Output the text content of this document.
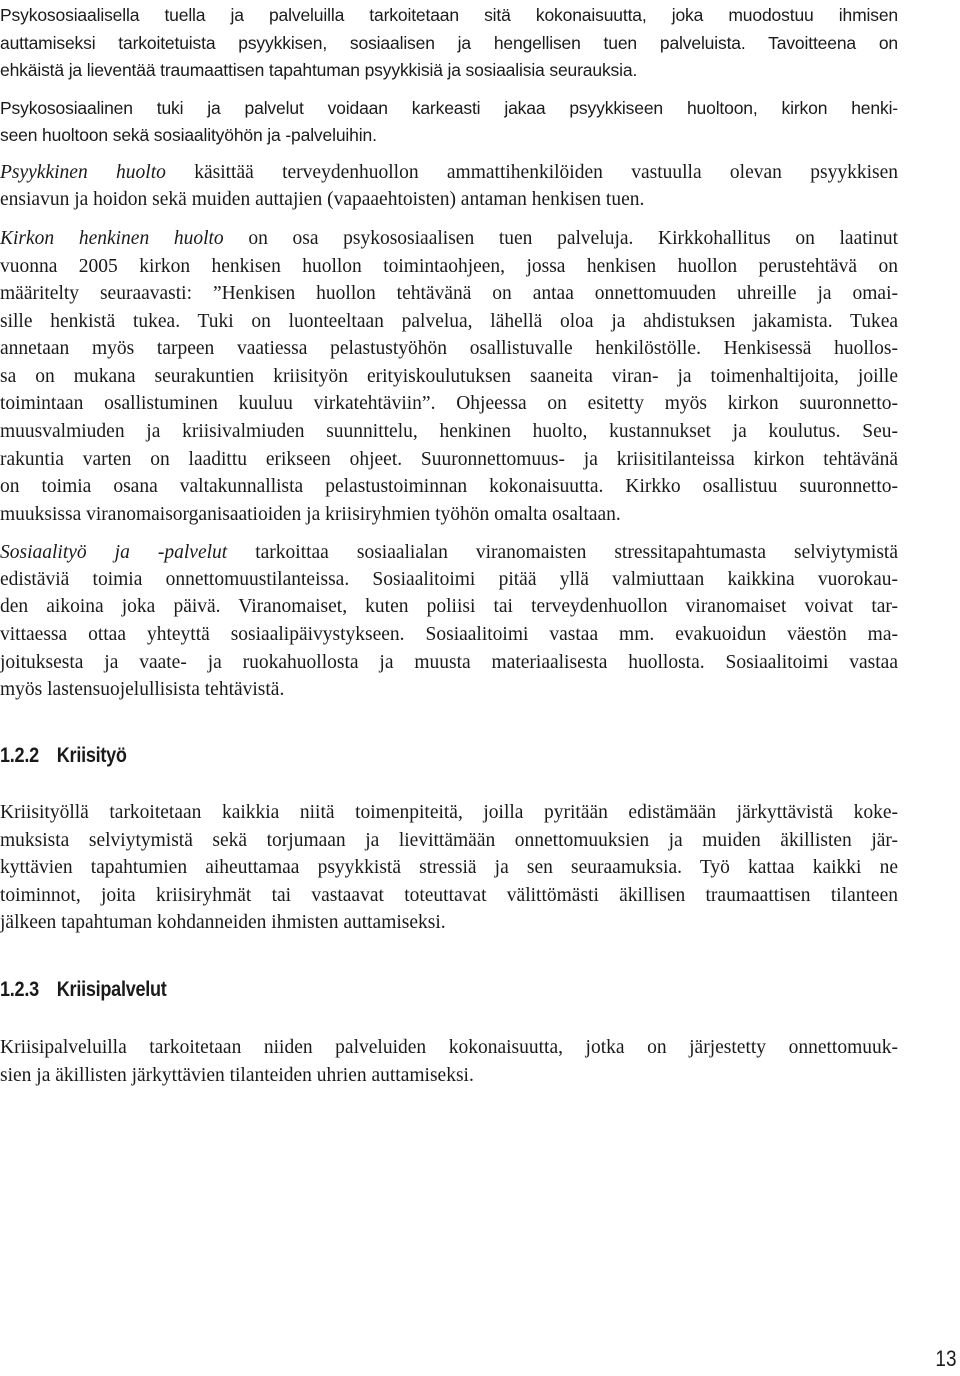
Psykososiaalisella tuella ja palveluilla tarkoitetaan sitä kokonaisuutta, joka muodostuu ihmisen

auttamiseksi tarkoitetuista psyykkisen, sosiaalisen ja hengellisen tuen palveluista. Tavoitteena on

ehkäistä ja lieventää traumaattisen tapahtuman psyykkisiä ja sosiaalisia seurauksia.

Psykososiaalinen tuki ja palvelut voidaan karkeasti jakaa psyykkiseen huoltoon, kirkon henki-

seen huoltoon sekä sosiaalityöhön ja -palveluihin.

Psyykkinen huolto käsittää terveydenhuollon ammattihenkilöiden vastuulla olevan psyykkisen

ensiavun ja hoidon sekä muiden auttajien (vapaaehtoisten) antaman henkisen tuen.

Kirkon henkinen huolto on osa psykososiaalisen tuen palveluja. Kirkkohallitus on laatinut

vuonna 2005 kirkon henkisen huollon toimintaohjeen, jossa henkisen huollon perustehtävä on

määritelty seuraavasti: ”Henkisen huollon tehtävänä on antaa onnettomuuden uhreille ja omai-

sille henkistä tukea. Tuki on luonteeltaan palvelua, lähellä oloa ja ahdistuksen jakamista. Tukea

annetaan myös tarpeen vaatiessa pelastustyöhön osallistuvalle henkilöstölle. Henkisessä huollos-

sa on mukana seurakuntien kriisityön erityiskoulutuksen saaneita viran- ja toimenhaltijoita, joille

toimintaan osallistuminen kuuluu virkatehtäviin”. Ohjeessa on esitetty myös kirkon suuronnetto-

muusvalmiuden ja kriisivalmiuden suunnittelu, henkinen huolto, kustannukset ja koulutus. Seu-

rakuntia varten on laadittu erikseen ohjeet. Suuronnettomuus- ja kriisitilanteissa kirkon tehtävänä

on toimia osana valtakunnallista pelastustoiminnan kokonaisuutta. Kirkko osallistuu suuronnetto-

muuksissa viranomaisorganisaatioiden ja kriisiryhmien työhön omalta osaltaan.

Sosiaalityö ja -palvelut tarkoittaa sosiaalialan viranomaisten stressitapahtumasta selviytymistä

edistäviä toimia onnettomuustilanteissa. Sosiaalitoimi pitää yllä valmiuttaan kaikkina vuorokau-

den aikoina joka päivä. Viranomaiset, kuten poliisi tai terveydenhuollon viranomaiset voivat tar-

vittaessa ottaa yhteyttä sosiaalipäivystykseen. Sosiaalitoimi vastaa mm. evakuoidun väestön ma-

joituksesta ja vaate- ja ruokahuollosta ja muusta materiaalisesta huollosta. Sosiaalitoimi vastaa

myös lastensuojelullisista tehtävistä.

1.2.2 Kriisityö

Kriisityöllä tarkoitetaan kaikkia niitä toimenpiteitä, joilla pyritään edistämään järkyttävistä koke-

muksista selviytymistä sekä torjumaan ja lievittämään onnettomuuksien ja muiden äkillisten jär-

kyttävien tapahtumien aiheuttamaa psyykkistä stressiä ja sen seuraamuksia. Työ kattaa kaikki ne

toiminnot, joita kriisiryhmät tai vastaavat toteuttavat välittömästi äkillisen traumaattisen tilanteen

jälkeen tapahtuman kohdanneiden ihmisten auttamiseksi.

1.2.3 Kriisipalvelut

Kriisipalveluilla tarkoitetaan niiden palveluiden kokonaisuutta, jotka on järjestetty onnettomuuk-

sien ja äkillisten järkyttävien tilanteiden uhrien auttamiseksi.

13
